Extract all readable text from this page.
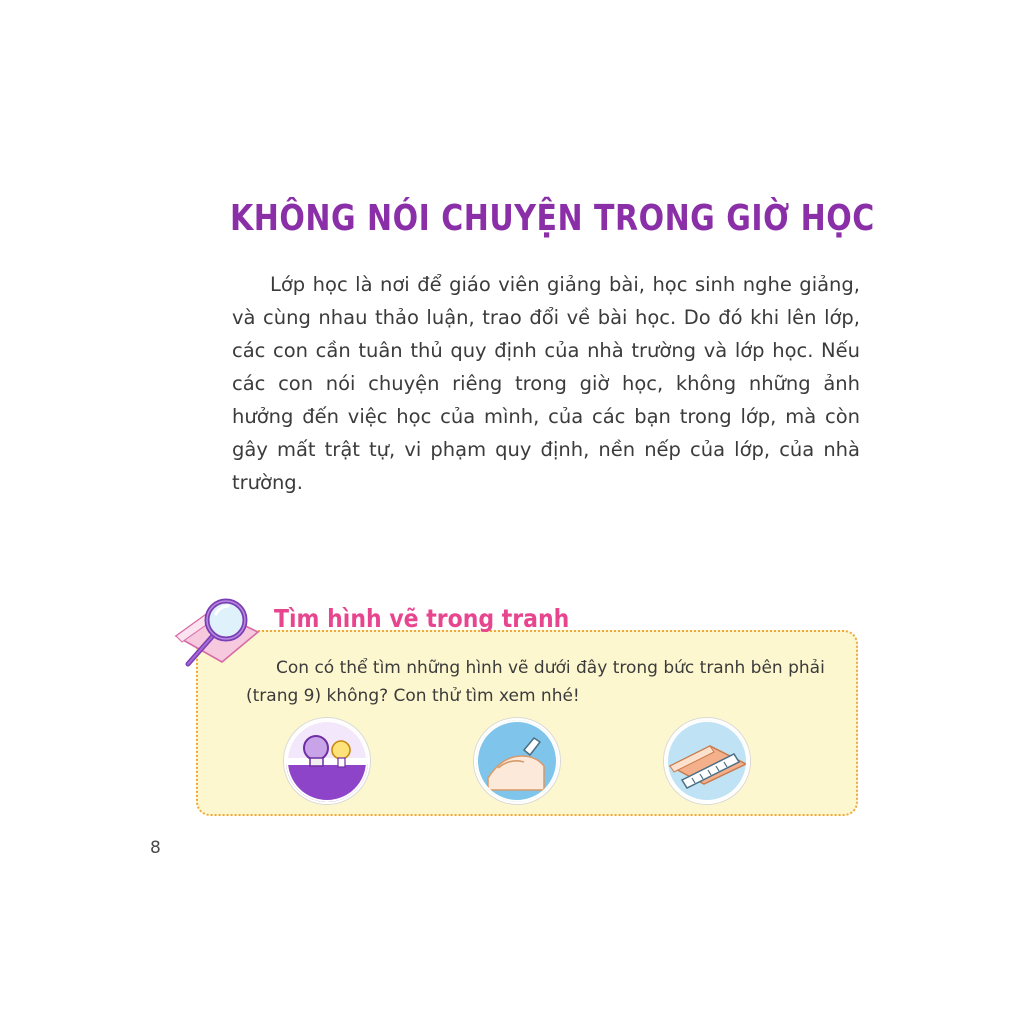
KHÔNG NÓI CHUYỆN TRONG GIỜ HỌC
Lớp học là nơi để giáo viên giảng bài, học sinh nghe giảng, và cùng nhau thảo luận, trao đổi về bài học. Do đó khi lên lớp, các con cần tuân thủ quy định của nhà trường và lớp học. Nếu các con nói chuyện riêng trong giờ học, không những ảnh hưởng đến việc học của mình, của các bạn trong lớp, mà còn gây mất trật tự, vi phạm quy định, nền nếp của lớp, của nhà trường.
Tìm hình vẽ trong tranh
Con có thể tìm những hình vẽ dưới đây trong bức tranh bên phải (trang 9) không? Con thử tìm xem nhé!
8
